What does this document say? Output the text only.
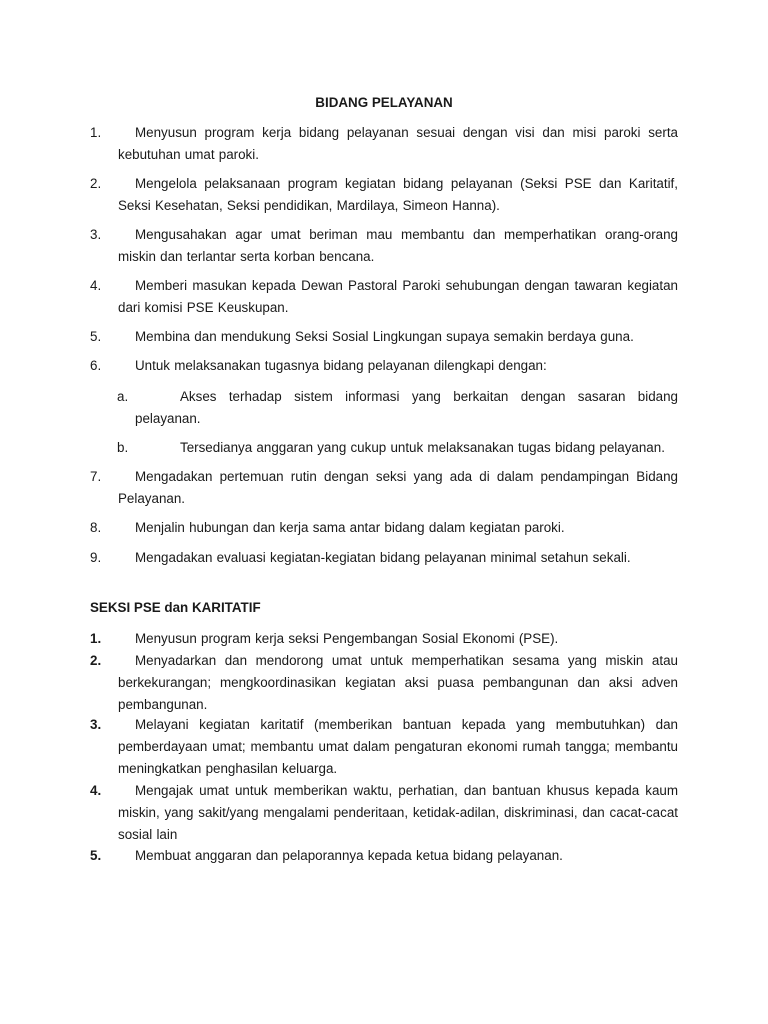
BIDANG PELAYANAN
1.	Menyusun program kerja bidang pelayanan sesuai dengan visi dan misi paroki serta kebutuhan umat paroki.
2.	Mengelola pelaksanaan program kegiatan bidang pelayanan (Seksi PSE dan Karitatif, Seksi Kesehatan, Seksi pendidikan, Mardilaya, Simeon Hanna).
3.	Mengusahakan agar umat beriman mau membantu dan memperhatikan orang-orang miskin dan terlantar serta korban bencana.
4.	Memberi masukan kepada Dewan Pastoral Paroki sehubungan dengan tawaran kegiatan dari komisi PSE Keuskupan.
5.	Membina dan mendukung Seksi Sosial Lingkungan supaya semakin berdaya guna.
6.	Untuk melaksanakan tugasnya bidang pelayanan dilengkapi dengan:
a.	Akses terhadap sistem informasi yang berkaitan dengan sasaran bidang pelayanan.
b.	Tersedianya anggaran yang cukup untuk melaksanakan tugas bidang pelayanan.
7.	Mengadakan pertemuan rutin dengan seksi yang ada di dalam pendampingan Bidang Pelayanan.
8.	Menjalin hubungan dan kerja sama antar bidang dalam kegiatan paroki.
9.	Mengadakan evaluasi kegiatan-kegiatan bidang pelayanan minimal setahun sekali.
SEKSI PSE dan KARITATIF
1.	Menyusun program kerja seksi Pengembangan Sosial Ekonomi (PSE).
2.	Menyadarkan dan mendorong umat untuk memperhatikan sesama yang miskin atau berkekurangan; mengkoordinasikan kegiatan aksi puasa pembangunan dan aksi adven pembangunan.
3.	Melayani kegiatan karitatif (memberikan bantuan kepada yang membutuhkan) dan pemberdayaan umat; membantu umat dalam pengaturan ekonomi rumah tangga; membantu meningkatkan penghasilan keluarga.
4.	Mengajak umat untuk memberikan waktu, perhatian, dan bantuan khusus kepada kaum miskin, yang sakit/yang mengalami penderitaan, ketidak-adilan, diskriminasi, dan cacat-cacat sosial lain
5.	Membuat anggaran dan pelaporannya kepada ketua bidang pelayanan.
